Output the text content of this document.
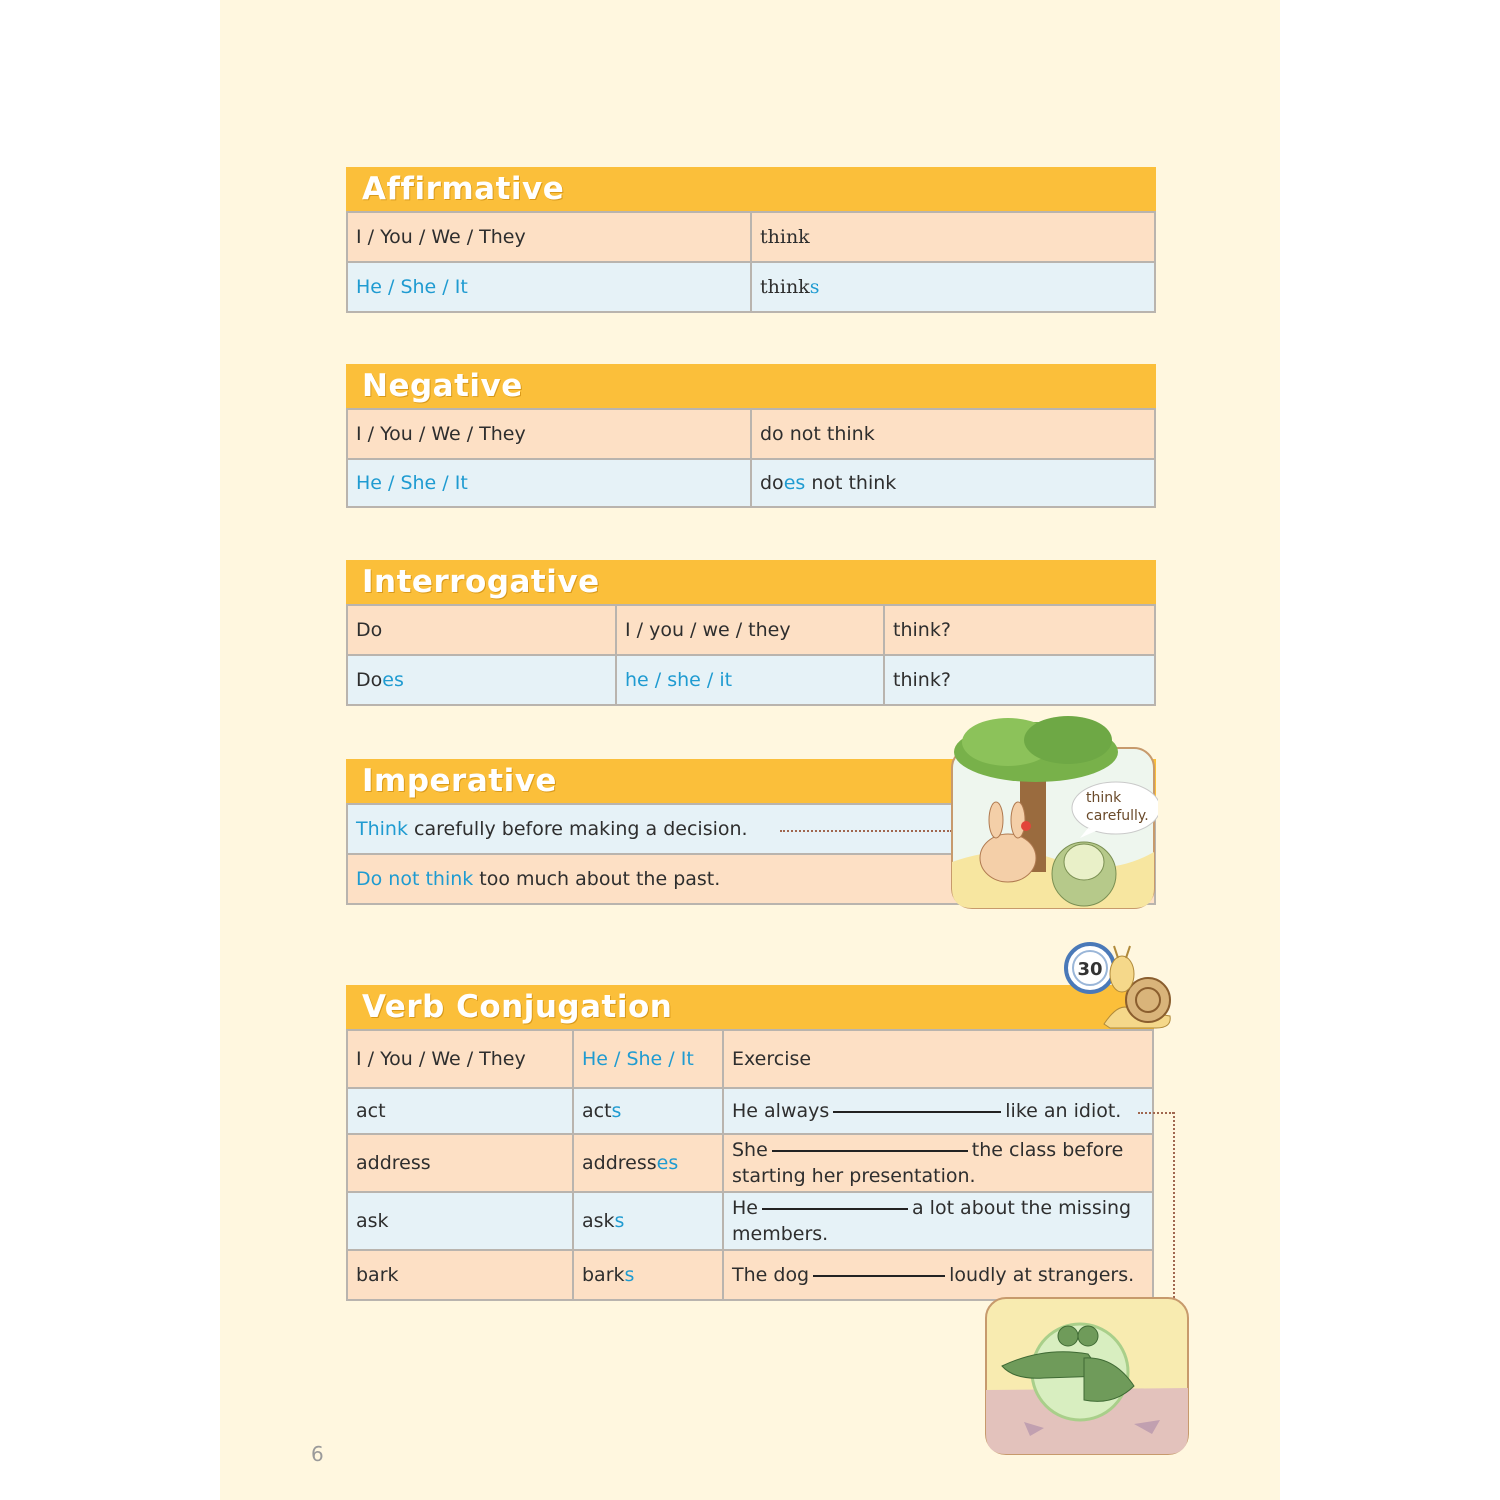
Affirmative
I / You / We / They	think
He / She / It	thinks
Negative
I / You / We / They	do not think
He / She / It	does not think
Interrogative
Do	I / you / we / they	think?
Does	he / she / it	think?
Imperative
Think carefully before making a decision.
Do not think too much about the past.
think
carefully.
Verb Conjugation
I / You / We / They	He / She / It	Exercise
act	acts	He always like an idiot.
address	addresses	She the class before starting her presentation.
ask	asks	He a lot about the missing members.
bark	barks	The dog loudly at strangers.
30
6
